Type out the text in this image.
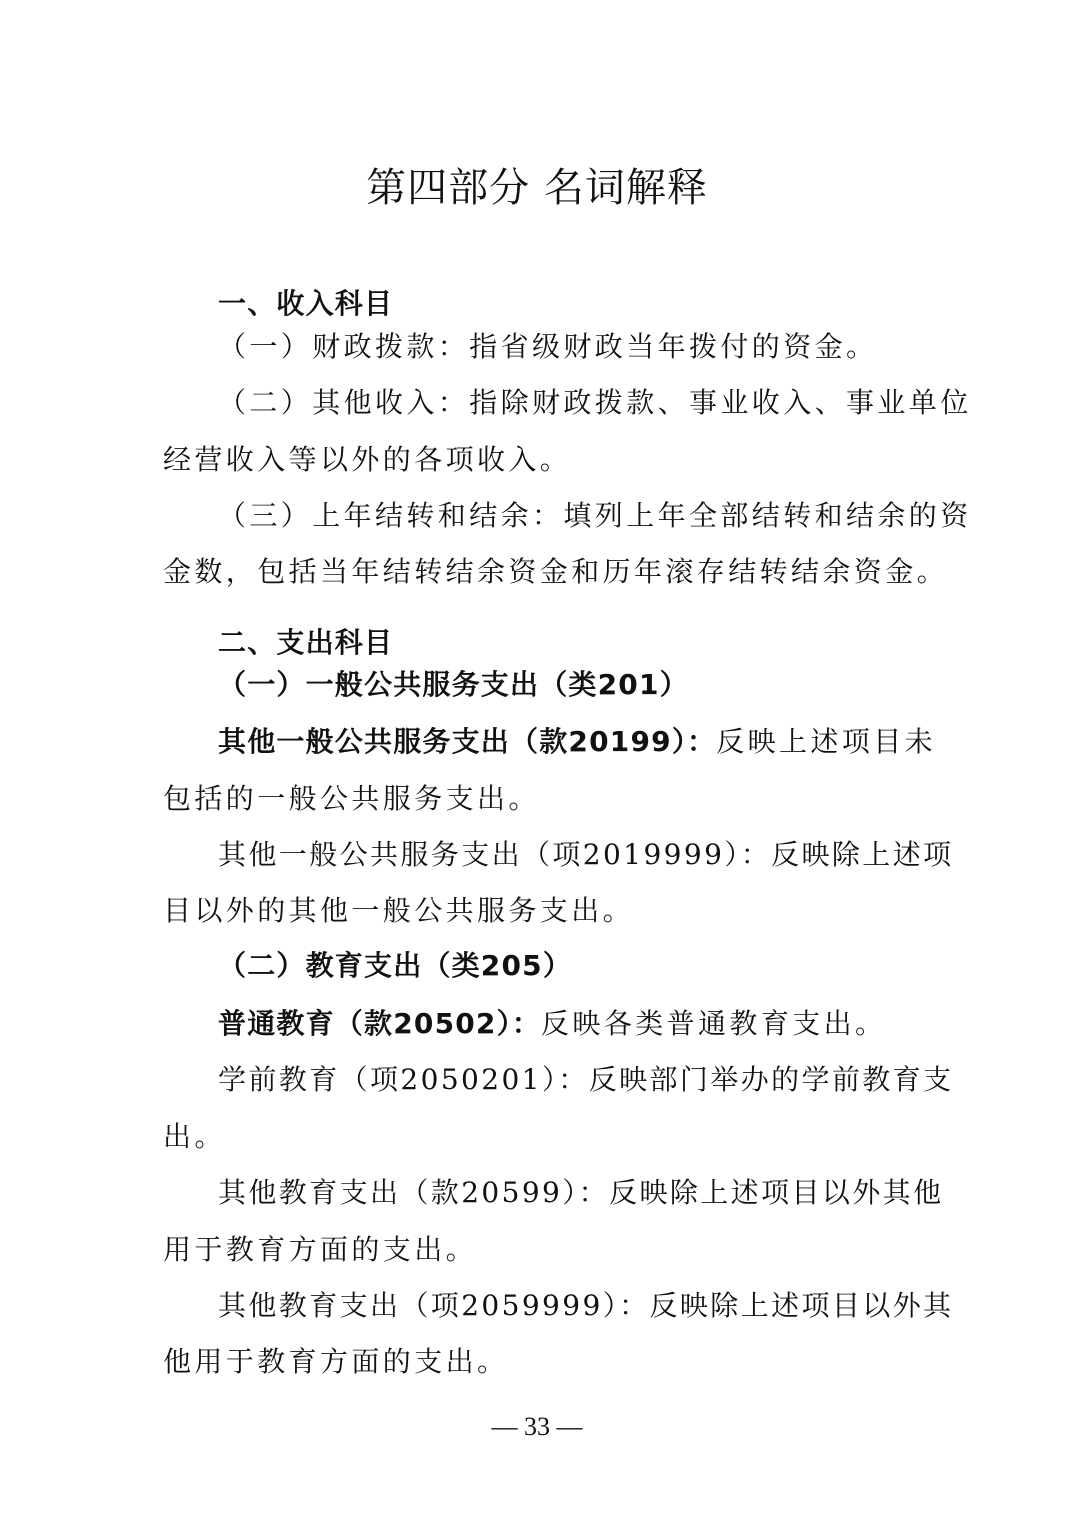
第四部分 名词解释
一、收入科目
（一）财政拨款：指省级财政当年拨付的资金。
（二）其他收入：指除财政拨款、事业收入、事业单位
经营收入等以外的各项收入。
（三）上年结转和结余：填列上年全部结转和结余的资
金数，包括当年结转结余资金和历年滚存结转结余资金。
二、支出科目
（一）一般公共服务支出（类201）
其他一般公共服务支出（款20199）：反映上述项目未
包括的一般公共服务支出。
其他一般公共服务支出（项2019999）：反映除上述项
目以外的其他一般公共服务支出。
（二）教育支出（类205）
普通教育（款20502）：反映各类普通教育支出。
学前教育（项2050201）：反映部门举办的学前教育支
出。
其他教育支出（款20599）：反映除上述项目以外其他
用于教育方面的支出。
其他教育支出（项2059999）：反映除上述项目以外其
他用于教育方面的支出。
— 33 —
